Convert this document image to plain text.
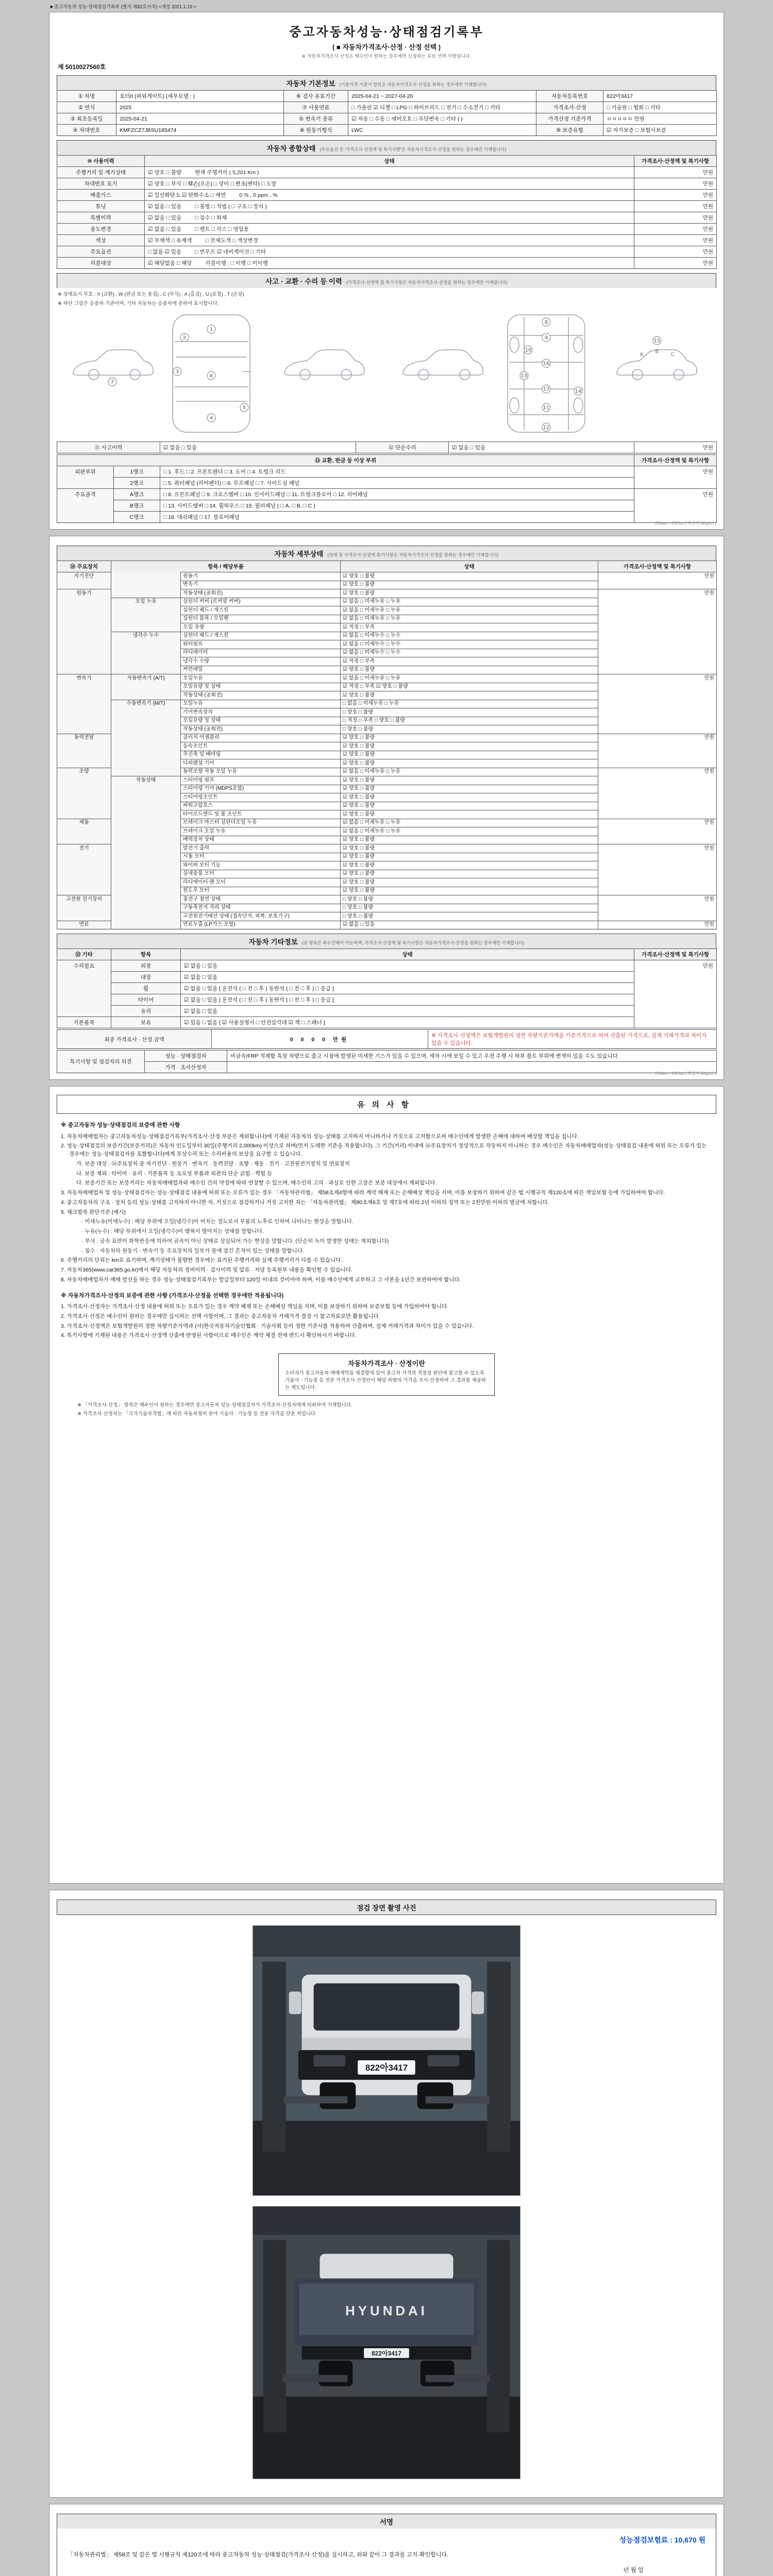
■ 중고자동차 성능·상태점검기록부 (별지 제82호서식) <개정 2021.1.19.>
중고자동차성능·상태점검기록부
( ■ 자동차가격조사·산정 · 산정 선택 )
※ 자동차가격조사·산정은 매수인이 원하는 경우에만 신청하는 유료 선택 사항입니다.
제 5010027560호
자동차 기본정보 (기준가격·기준서 항목은 자동차가격조사·산정을 원하는 경우에만 기재합니다)
① 차명	포터II (파워게이트) (세부모델 : )	⑥ 검사 유효기간	2025-04-21 ~ 2027-04-20	자동차등록번호	822아3417
② 연식	2025	⑦ 사용연료	□ 가솔린 ☑ 디젤 □ LPG □ 하이브리드 □ 전기 □ 수소전기 □ 기타	가격조사·산정	□ 기술원 □ 협회 □ 기타
③ 최초등록일	2025-04-21	⑤ 변속기 종류	☑ 자동 □ 수동 □ 세미오토 □ 무단변속 □ 기타 ( )	가격산정 기준가격	ㅇㅇㅇㅇㅇ 만원
④ 차대번호	KMFZCZ7JBSU185474	⑧ 원동기형식	LWC	⑨ 보증유형	☑ 자가보증 □ 보험사보증
자동차 종합상태 (주요옵션 등 '가격조사·산정액 및 특기사항'은 자동차가격조사·산정을 원하는 경우에만 기재합니다)
⑩ 사용이력	상태	가격조사·산정액 및 특기사항
주행거리 및 계기상태	☑ 양호 □ 불량 현재 주행거리 ( 5,201 Km )	만원
차대번호 표기	☑ 양호 □ 부식 □ 훼손(오손) □ 상이 □ 변조(변타) □ 도말	만원
배출가스	☑ 일산화탄소 ☑ 탄화수소 □ 매연 0 % , 0 ppm , %	만원
튜닝	☑ 없음 □ 있음 □ 불법 □ 적법 ( □ 구조 □ 장치 )	만원
특별이력	☑ 없음 □ 있음 □ 침수 □ 화재	만원
용도변경	☑ 없음 □ 있음 □ 렌트 □ 리스 □ 영업용	만원
색상	☑ 무채색 □ 유채색 □ 전체도색 □ 색상변경	만원
주요옵션	□ 없음 ☑ 있음 □ 썬루프 ☑ 네비게이션 □ 기타	만원
리콜대상	☑ 해당없음 □ 해당 리콜이행 : □ 이행 □ 미이행	만원
사고 · 교환 · 수리 등 이력 (가격조사·산정액 및 특기사항은 자동차가격조사·산정을 원하는 경우에만 기재합니다)
※ 상태표시 부호 : X (교환) , W (판금 또는 용접) , C (부식) , A (흠집) , U (요철) , T (손상)
※ 하단 그림은 승용차 기준이며, 기타 자동차는 승용차에 준하여 표시합니다.
1
2
3
4
5
6
7
8
9
10
11
12
13
14
15
16
17
A
B
C
⑪ 사고이력	☑ 없음 □ 있음	⑫ 단순수리	☑ 없음 □ 있음	만원
⑬ 교환, 판금 등 이상 부위			가격조사·산정액 및 특기사항
외판부위	1랭크	□ 1. 후드 □ 2. 프론트펜더 □ 3. 도어 □ 4. 트렁크 리드	만원
	2랭크	□ 5. 쿼터패널 (리어펜더) □ 6. 루프패널 □ 7. 사이드실 패널	
주요골격	A랭크	□ 8. 프론트패널 □ 9. 크로스멤버 □ 10. 인사이드패널 □ 11. 트렁크플로어 □ 12. 리어패널	만원
	B랭크	□ 13. 사이드멤버 □ 14. 휠하우스 □ 15. 필러패널 ( □ A, □ B, □ C )	
	C랭크	□ 16. 대쉬패널 □ 17. 플로어패널	
210㎜ × 297㎜ [ 백상지 80g/㎡ ]
자동차 세부상태 (상태 및 가격조사·산정액·특기사항은 자동차가격조사·산정을 원하는 경우에만 기재합니다)
⑭ 주요장치	항목 / 해당부품		상태	가격조사·산정액 및 특기사항
자기진단		원동기	☑ 양호 □ 불량	만원
		변속기	☑ 양호 □ 불량	
원동기		작동상태 (공회전)	☑ 양호 □ 불량	만원
	오일 누유	실린더 커버 (로커암 커버)	☑ 없음 □ 미세누유 □ 누유	
		실린더 헤드 / 개스킷	☑ 없음 □ 미세누유 □ 누유	
		실린더 블록 / 오일팬	☑ 없음 □ 미세누유 □ 누유	
		오일 유량	☑ 적정 □ 부족	
	냉각수 누수	실린더 헤드 / 개스킷	☑ 없음 □ 미세누수 □ 누수	
		워터펌프	☑ 없음 □ 미세누수 □ 누수	
		라디에이터	☑ 없음 □ 미세누수 □ 누수	
		냉각수 수량	☑ 적정 □ 부족	
		커먼레일	☑ 양호 □ 불량	
변속기	자동변속기 (A/T)	오일누유	☑ 없음 □ 미세누유 □ 누유	만원
		오일유량 및 상태	☑ 적정 □ 부족 ☑ 양호 □ 불량	
		작동상태 (공회전)	☑ 양호 □ 불량	
	수동변속기 (M/T)	오일누유	□ 없음 □ 미세누유 □ 누유	
		기어변속장치	□ 양호 □ 불량	
		오일유량 및 상태	□ 적정 □ 부족 □ 양호 □ 불량	
		작동상태 (공회전)	□ 양호 □ 불량	
동력전달		클러치 어셈블리	☑ 양호 □ 불량	만원
		등속조인트	☑ 양호 □ 불량	
		추진축 및 베어링	☑ 양호 □ 불량	
		디퍼렌셜 기어	☑ 양호 □ 불량	
조향		동력조향 작동 오일 누유	☑ 없음 □ 미세누유 □ 누유	만원
	작동상태	스티어링 펌프	☑ 양호 □ 불량	
		스티어링 기어 (MDPS포함)	☑ 양호 □ 불량	
		스티어링조인트	☑ 양호 □ 불량	
		파워고압호스	☑ 양호 □ 불량	
		타이로드엔드 및 볼 조인트	☑ 양호 □ 불량	
제동		브레이크 마스터 실린더오일 누유	☑ 없음 □ 미세누유 □ 누유	만원
		브레이크 오일 누유	☑ 없음 □ 미세누유 □ 누유	
		배력장치 상태	☑ 양호 □ 불량	
전기		발전기 출력	☑ 양호 □ 불량	만원
		시동 모터	☑ 양호 □ 불량	
		와이퍼 모터 기능	☑ 양호 □ 불량	
		실내송풍 모터	☑ 양호 □ 불량	
		라디에이터 팬 모터	☑ 양호 □ 불량	
		윈도우 모터	☑ 양호 □ 불량	
고전원 전기장치		충전구 절연 상태	□ 양호 □ 불량	만원
		구동축전지 격리 상태	□ 양호 □ 불량	
		고전원전기배선 상태 (접속단자, 피복, 보호기구)	□ 양호 □ 불량	
연료		연료누출 (LP가스 포함)	☑ 없음 □ 있음	만원
자동차 기타정보 (⑮ 항목은 복수선택이 가능하며, 가격조사·산정액 및 특기사항은 자동차가격조사·산정을 원하는 경우에만 기재합니다)
⑮ 기타	항목	상태	가격조사·산정액 및 특기사항
수리필요	외장	☑ 없음 □ 있음	만원
	내장	☑ 없음 □ 있음	
	휠	☑ 없음 □ 있음 [ 운전석 ( □ 전 □ 후 ) 동반석 ( □ 전 □ 후 ) □ 응급 ]	
	타이어	☑ 없음 □ 있음 [ 운전석 ( □ 전 □ 후 ) 동반석 ( □ 전 □ 후 ) □ 응급 ]	
	유리	☑ 없음 □ 있음	
기본품목	보유	☑ 있음 □ 없음 [ ☑ 사용설명서 □ 안전삼각대 ☑ 잭 □ 스패너 ]	
최종 가격조사 · 산정 금액	0 0 0 0 만원	※ 가격조사·산정액은 보험개발원이 정한 차량기준가액을 기준가격으로 하여 산출된 가격으로, 실제 거래가격과 차이가 있을 수 있습니다.
특기사항 및 점검자의 의견	성능 · 상태점검자	비금속/FRP 적재함 특장 차량으로 출고 시점에 발생된 미세한 기스가 있을 수 있으며, 세차 시에 보일 수 있고 우천 주행 시 하부 볼트 부위에 변색이 있을 수도 있습니다.
	가격 · 조사산정자	
210㎜ × 297㎜ [ 백상지 80g/㎡ ]
유의사항
※ 중고자동차 성능·상태점검의 보증에 관한 사항
1. 자동차매매업자는 중고자동차성능·상태점검기록부(가격조사·산정 부분은 제외합니다)에 기재된 자동차의 성능·상태를 고지하지 아니하거나 거짓으로 고지함으로써 매수인에게 발생한 손해에 대하여 배상할 책임을 집니다.
2. 성능·상태점검의 보증기간(보증거리)은 자동차 인도일부터 30일(주행거리 2,000km) 이상으로 하며(먼저 도래한 기준을 적용합니다), 그 기간(거리) 이내에 ⑭주요장치가 정상적으로 작동하지 아니하는 경우 매수인은 자동차매매업자(성능·상태점검 내용에 허위 또는 오류가 있는 경우에는 성능·상태점검자를 포함합니다)에게 무상수리 또는 수리비용의 보상을 요구할 수 있습니다.
가. 보증 대상 : ⑭주요장치 중 자기진단 · 원동기 · 변속기 · 동력전달 · 조향 · 제동 · 전기 · 고전원전기장치 및 연료장치
나. 보증 제외 : 타이어 · 유리 · 기본품목 등 소모성 부품과 외관의 단순 긁힘 · 찍힘 등
다. 보증기간 또는 보증거리는 자동차매매업자와 매수인 간의 약정에 따라 연장할 수 있으며, 매수인의 고의 · 과실로 인한 고장은 보증 대상에서 제외됩니다.
3. 자동차매매업자 및 성능·상태점검자는 성능·상태점검 내용에 허위 또는 오류가 있는 경우 「자동차관리법」 제58조제4항에 따라 계약 해제 또는 손해배상 책임을 지며, 이를 보장하기 위하여 같은 법 시행규칙 제120조에 따른 책임보험 등에 가입하여야 합니다.
4. 중고자동차의 구조 · 장치 등의 성능·상태를 고지하지 아니한 자, 거짓으로 점검하거나 거짓 고지한 자는 「자동차관리법」 제80조제6호 및 제7호에 따라 2년 이하의 징역 또는 2천만원 이하의 벌금에 처합니다.
5. 체크항목 판단기준 (예시)
· 미세누유(미세누수) : 해당 부위에 오일(냉각수)이 비치는 정도로서 부품의 노후로 인하여 나타나는 현상을 말합니다.
· 누유(누수) : 해당 부위에서 오일(냉각수)이 맺혀서 떨어지는 상태를 말합니다.
· 부식 : 금속 표면이 화학반응에 의하여 금속이 아닌 상태로 상실되어 가는 현상을 말합니다. (단순히 녹이 발생한 상태는 제외합니다)
· 침수 : 자동차의 원동기 · 변속기 등 주요장치의 일부가 물에 잠긴 흔적이 있는 상태를 말합니다.
6. 주행거리의 단위는 km로 표기하며, 계기상태가 불량한 경우에는 표기된 주행거리와 실제 주행거리가 다를 수 있습니다.
7. 자동차365(www.car365.go.kr)에서 해당 자동차의 정비이력 · 검사이력 및 압류 · 저당 등록원부 내용을 확인할 수 있습니다.
8. 자동차매매업자가 매매 알선을 하는 경우 성능·상태점검기록부는 발급일부터 120일 이내의 것이어야 하며, 이를 매수인에게 교부하고 그 사본을 1년간 보관하여야 합니다.
※ 자동차가격조사·산정의 보증에 관한 사항 (가격조사·산정을 선택한 경우에만 적용됩니다)
1. 가격조사·산정자는 가격조사·산정 내용에 허위 또는 오류가 있는 경우 계약 해제 또는 손해배상 책임을 지며, 이를 보장하기 위하여 보증보험 등에 가입하여야 합니다.
2. 가격조사·산정은 매수인이 원하는 경우에만 실시하는 선택 사항이며, 그 결과는 중고자동차 거래가격 결정 시 참고자료로만 활용됩니다.
3. 가격조사·산정액은 보험개발원이 정한 차량기준가액과 (사)한국자동차기술인협회 · 기술사회 등이 정한 기준서를 적용하여 산출하며, 실제 거래가격과 차이가 있을 수 있습니다.
4. 특기사항에 기재된 내용은 가격조사·산정액 산출에 반영된 사항이므로 매수인은 계약 체결 전에 반드시 확인하시기 바랍니다.
자동차가격조사 · 산정이란
소비자가 중고자동차 매매계약을 체결함에 있어 중고차 가격의 적절성 판단에 참고할 수 있도록 기술사 · 기능장 등 전문 가격조사·산정인이 해당 차량의 가격을 조사·산정하여 그 결과를 제공하는 제도입니다.
※ 「가격조사·산정」 항목은 매수인이 원하는 경우에만 중고자동차 성능·상태점검자가 가격조사·산정자에게 의뢰하여 기재합니다.
※ 가격조사·산정자는 「국가기술자격법」에 따른 자동차정비 분야 기술사 · 기능장 등 전문 자격을 갖춘 자입니다.
점검 장면 촬영 사진
822아3417
HYUNDAI
822아3417
서명
성능점검보험료 : 10,670 원

「자동차관리법」 제58조 및 같은 법 시행규칙 제120조에 따라 중고자동차 성능·상태점검(가격조사·산정)을 실시하고, 위와 같이 그 결과를 고지·확인합니다.

년 월 일
